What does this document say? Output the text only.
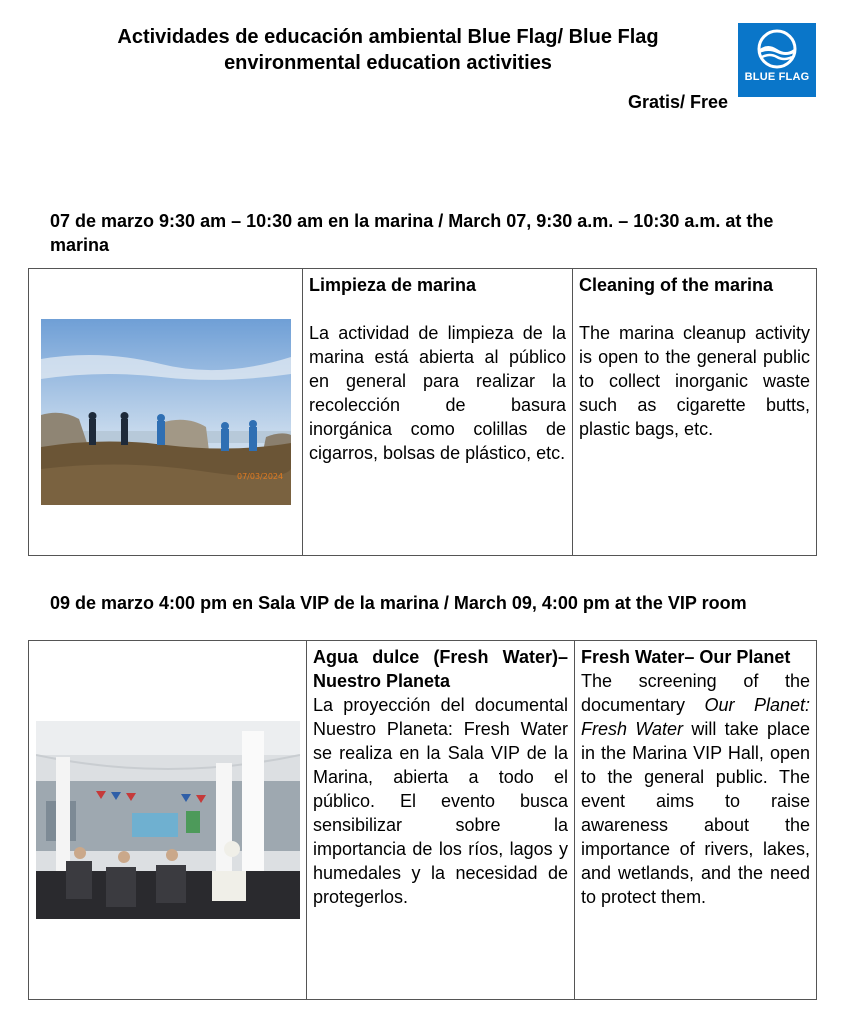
Actividades de educación ambiental Blue Flag/ Blue Flag environmental education activities
BLUE FLAG
Gratis/ Free
07 de marzo 9:30 am – 10:30 am en la marina / March 07, 9:30 a.m. – 10:30 a.m. at the marina
07/03/2024

Limpieza de marina
La actividad de limpieza de la marina está abierta al público en general para realizar la recolección de basura inorgánica como colillas de cigarros, bolsas de plástico, etc.

Cleaning of the marina
The marina cleanup activity is open to the general public to collect inorganic waste such as cigarette butts, plastic bags, etc.
09 de marzo 4:00 pm en Sala VIP de la marina / March 09, 4:00 pm at the VIP room

Agua dulce (Fresh Water)– Nuestro Planeta
La proyección del documental Nuestro Planeta: Fresh Water se realiza en la Sala VIP de la Marina, abierta a todo el público. El evento busca sensibilizar sobre la importancia de los ríos, lagos y humedales y la necesidad de protegerlos.

Fresh Water– Our Planet
The screening of the documentary Our Planet: Fresh Water will take place in the Marina VIP Hall, open to the general public. The event aims to raise awareness about the importance of rivers, lakes, and wetlands, and the need to protect them.
